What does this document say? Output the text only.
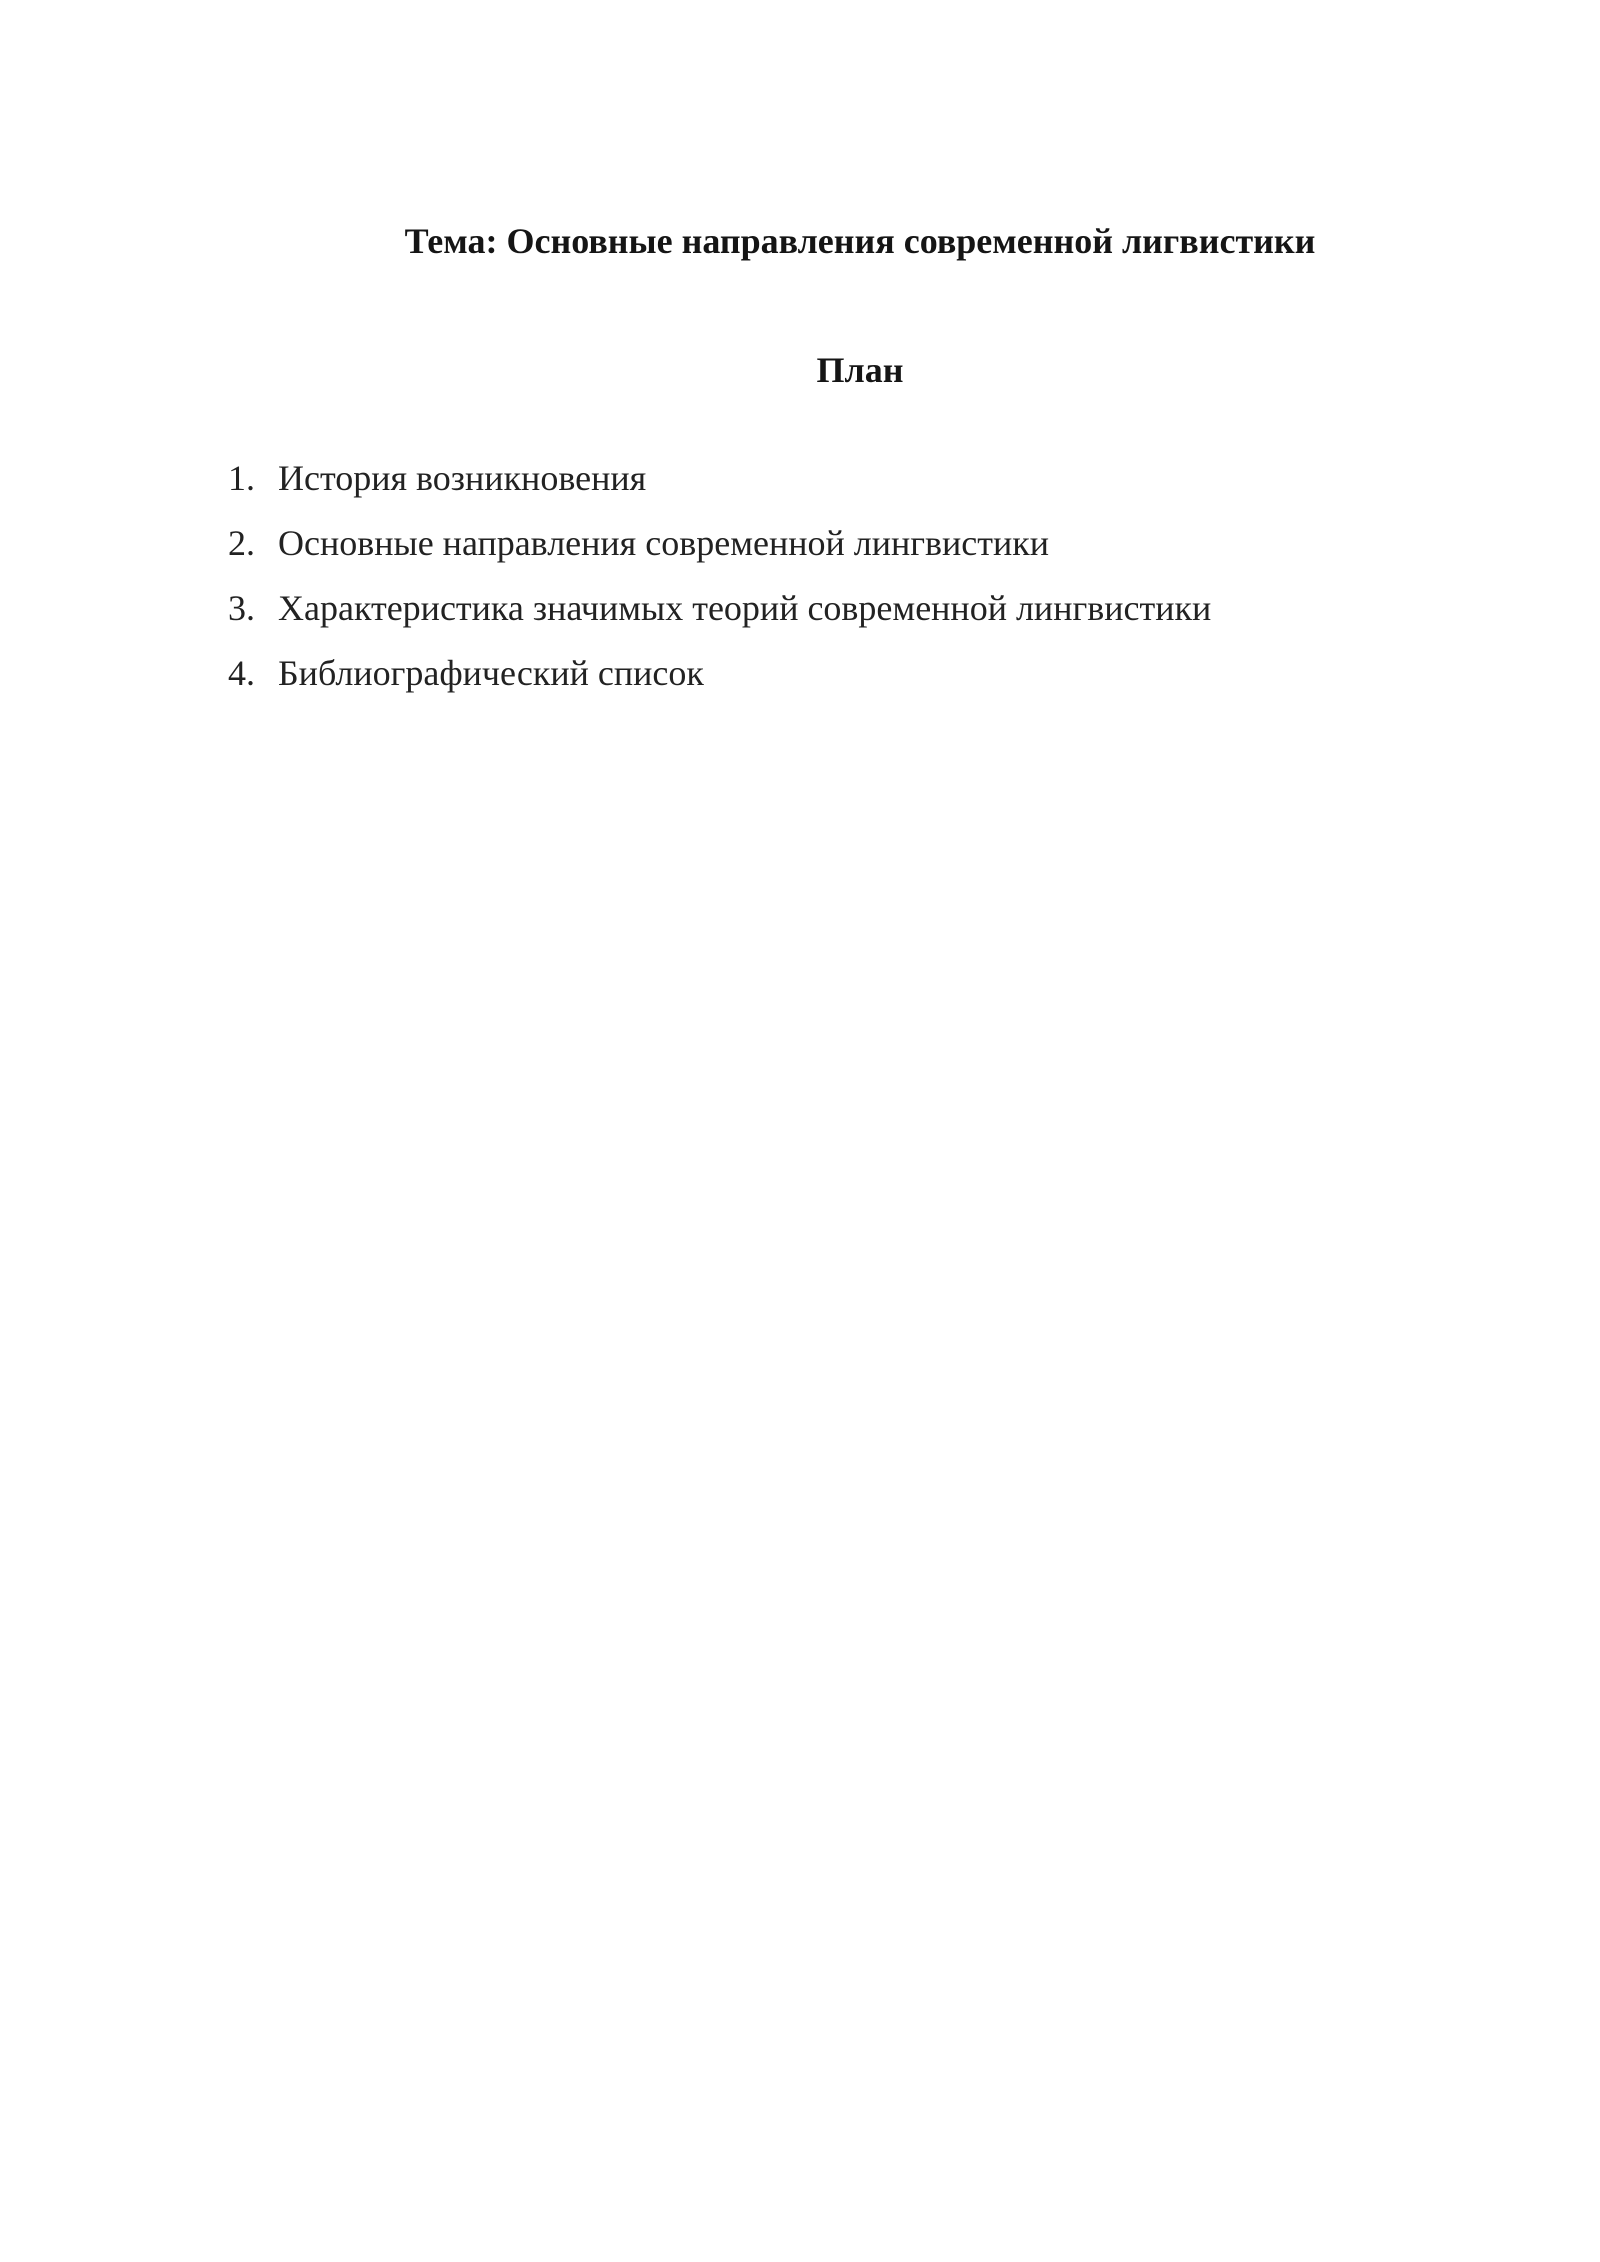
Тема: Основные направления современной лигвистики
План
1. История возникновения
2. Основные направления современной лингвистики
3. Характеристика значимых теорий современной лингвистики
4. Библиографический список
